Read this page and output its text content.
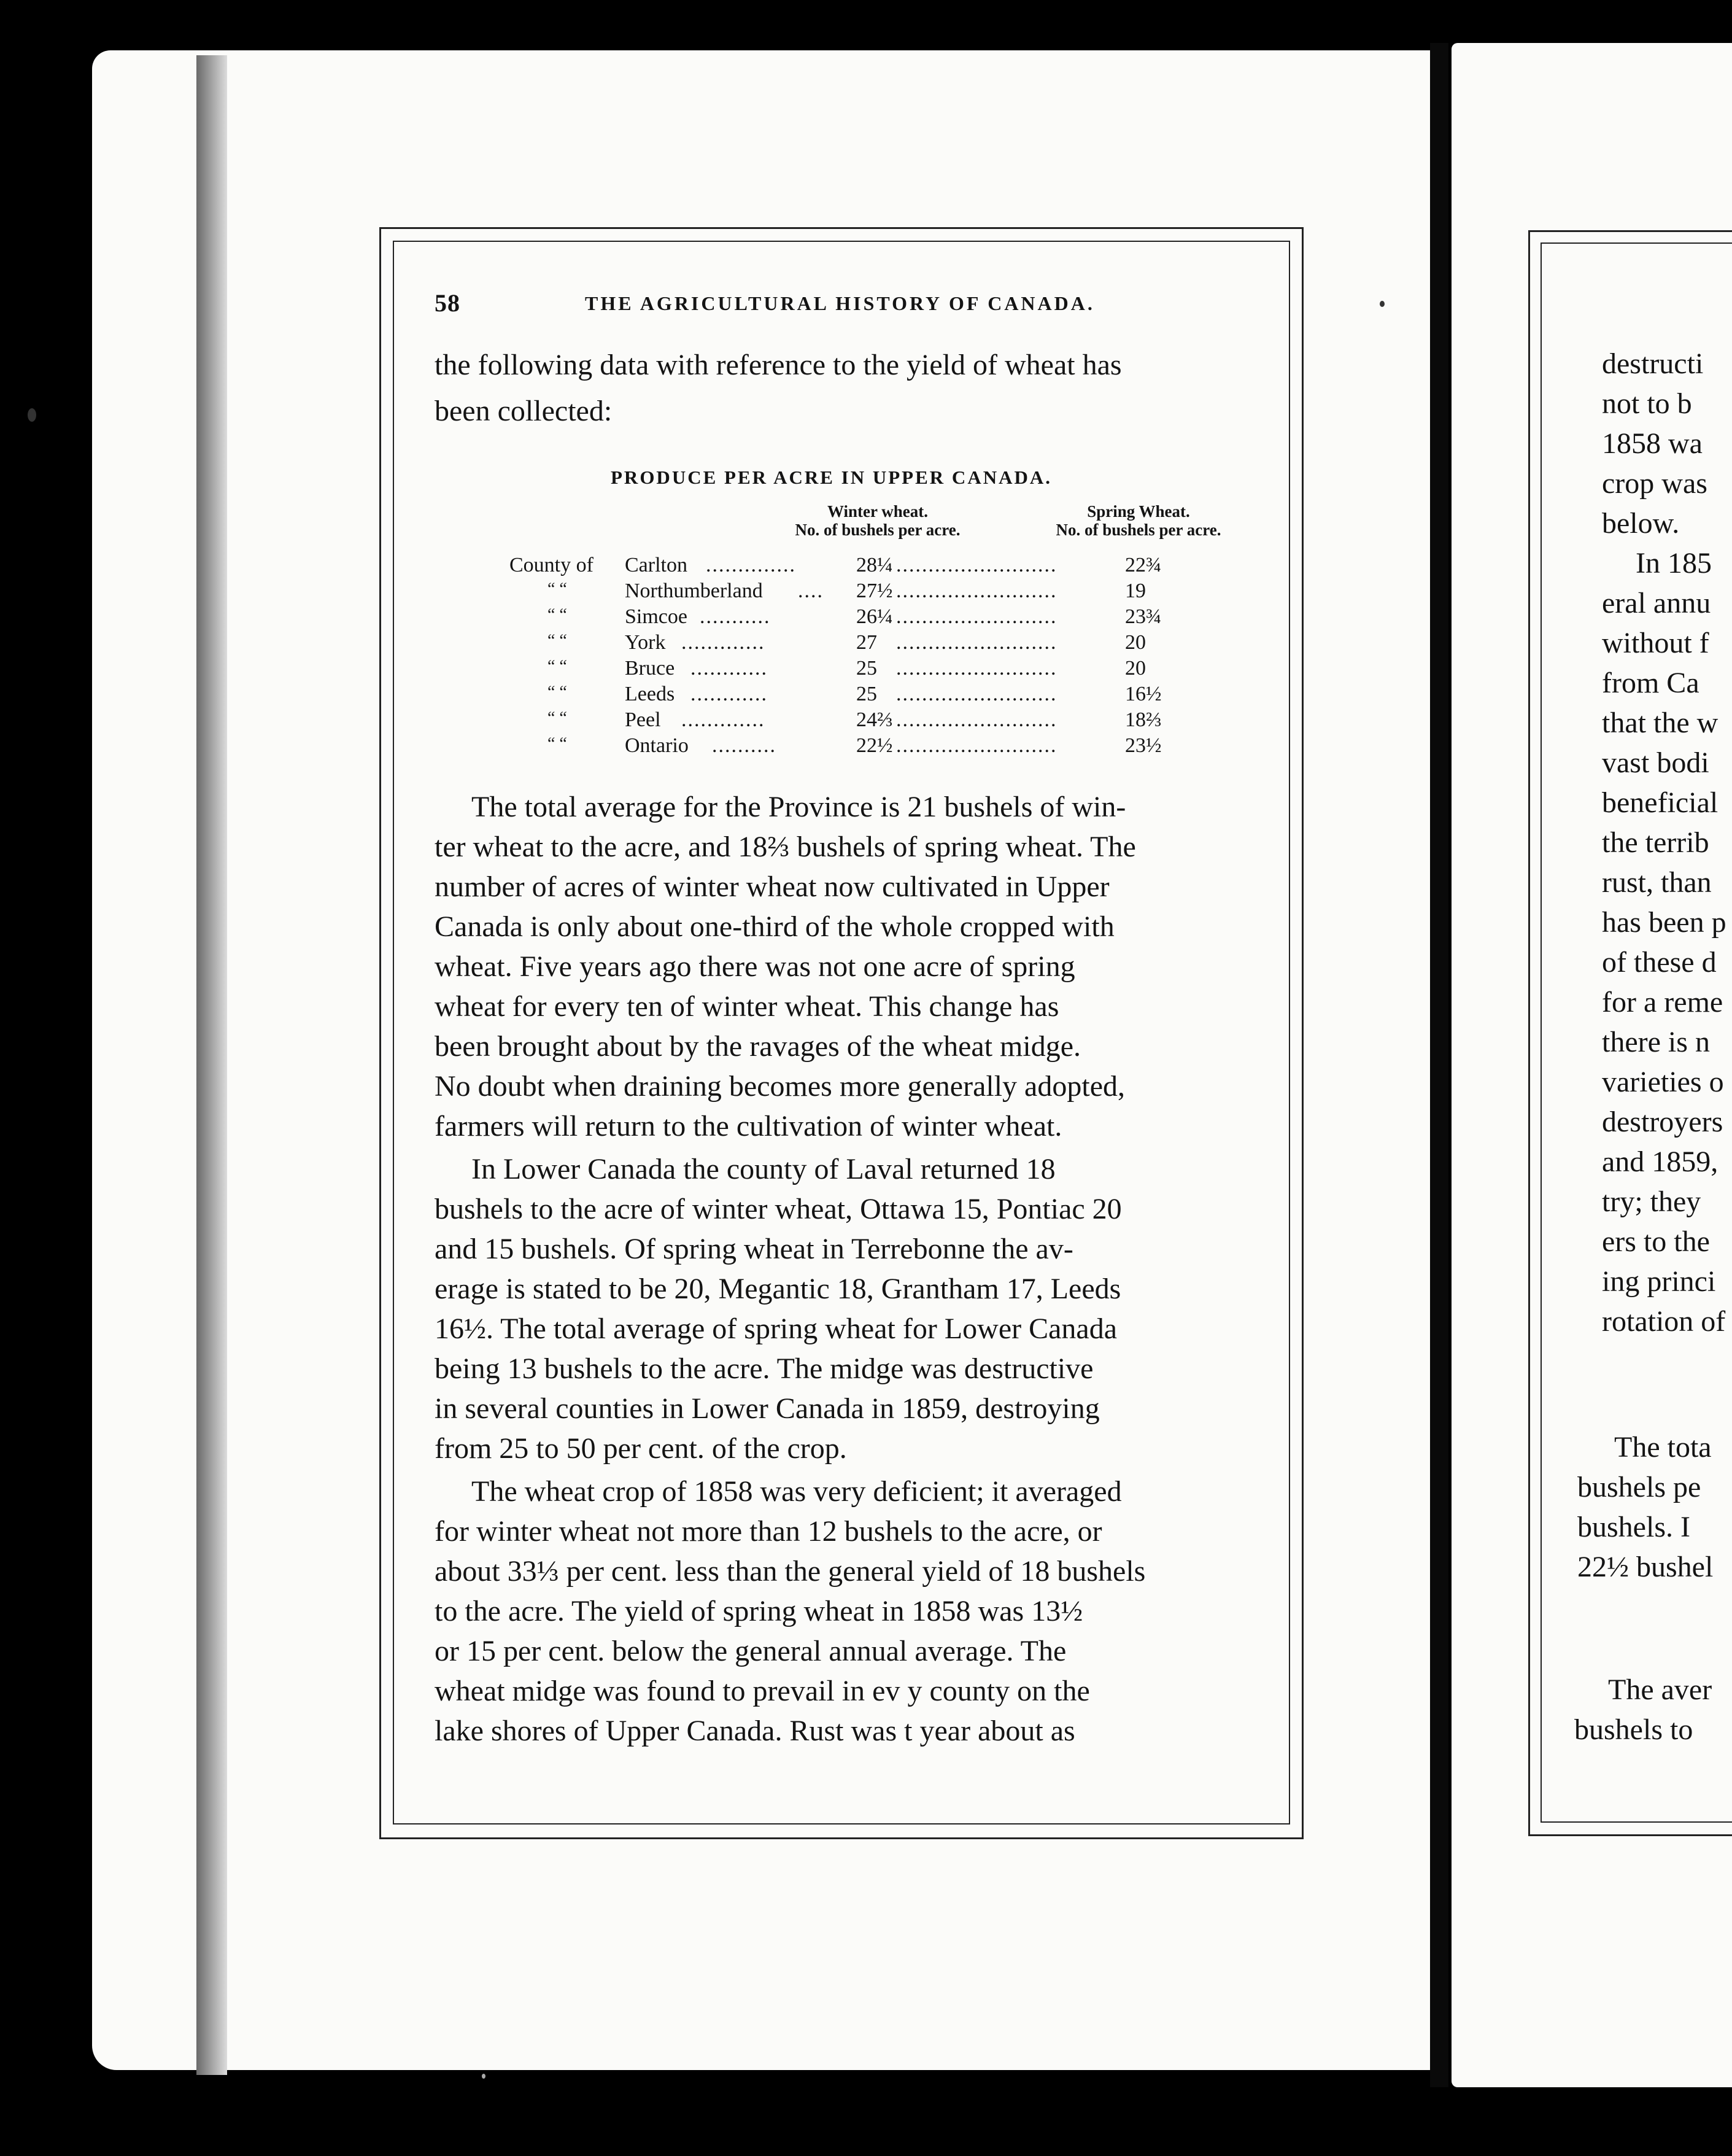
58	THE AGRICULTURAL HISTORY OF CANADA.
the following data with reference to the yield of wheat has
been collected:
PRODUCE PER ACRE IN UPPER CANADA.
Winter wheat.
No. of bushels per acre.
Spring Wheat.
No. of bushels per acre.
County of Carlton ..............	28¼ .........................	22¾
“ “	Northumberland .... 27½ .........................	19
“ “	Simcoe ...........	26¼ .........................	23¾
“ “	York .............	27 .........................	20
“ “	Bruce ............	25 .........................	20
“ “	Leeds ............	25 .........................	16½
“ “	Peel .............	24⅔ .........................	18⅔
“ “	Ontario ..........	22½ .........................	23½
The total average for the Province is 21 bushels of win-
ter wheat to the acre, and 18⅔ bushels of spring wheat. The
number of acres of winter wheat now cultivated in Upper
Canada is only about one-third of the whole cropped with
wheat. Five years ago there was not one acre of spring
wheat for every ten of winter wheat. This change has
been brought about by the ravages of the wheat midge.
No doubt when draining becomes more generally adopted,
farmers will return to the cultivation of winter wheat.
In Lower Canada the county of Laval returned 18
bushels to the acre of winter wheat, Ottawa 15, Pontiac 20
and 15 bushels. Of spring wheat in Terrebonne the av-
erage is stated to be 20, Megantic 18, Grantham 17, Leeds
16½. The total average of spring wheat for Lower Canada
being 13 bushels to the acre. The midge was destructive
in several counties in Lower Canada in 1859, destroying
from 25 to 50 per cent. of the crop.
The wheat crop of 1858 was very deficient; it averaged
for winter wheat not more than 12 bushels to the acre, or
about 33⅓ per cent. less than the general yield of 18 bushels
to the acre. The yield of spring wheat in 1858 was 13½
or 15 per cent. below the general annual average. The
wheat midge was found to prevail in ev y county on the
lake shores of Upper Canada. Rust was t year about as
destructi
not to b
1858 wa
crop was
below.
In 185
eral annu
without f
from Ca
that the w
vast bodi
beneficial
the terrib
rust, than
has been p
of these d
for a reme
there is n
varieties o
destroyers
and 1859,
try; they
ers to the
ing princi
rotation of
The tota
bushels pe
bushels. I
22½ bushel
The aver
bushels to
